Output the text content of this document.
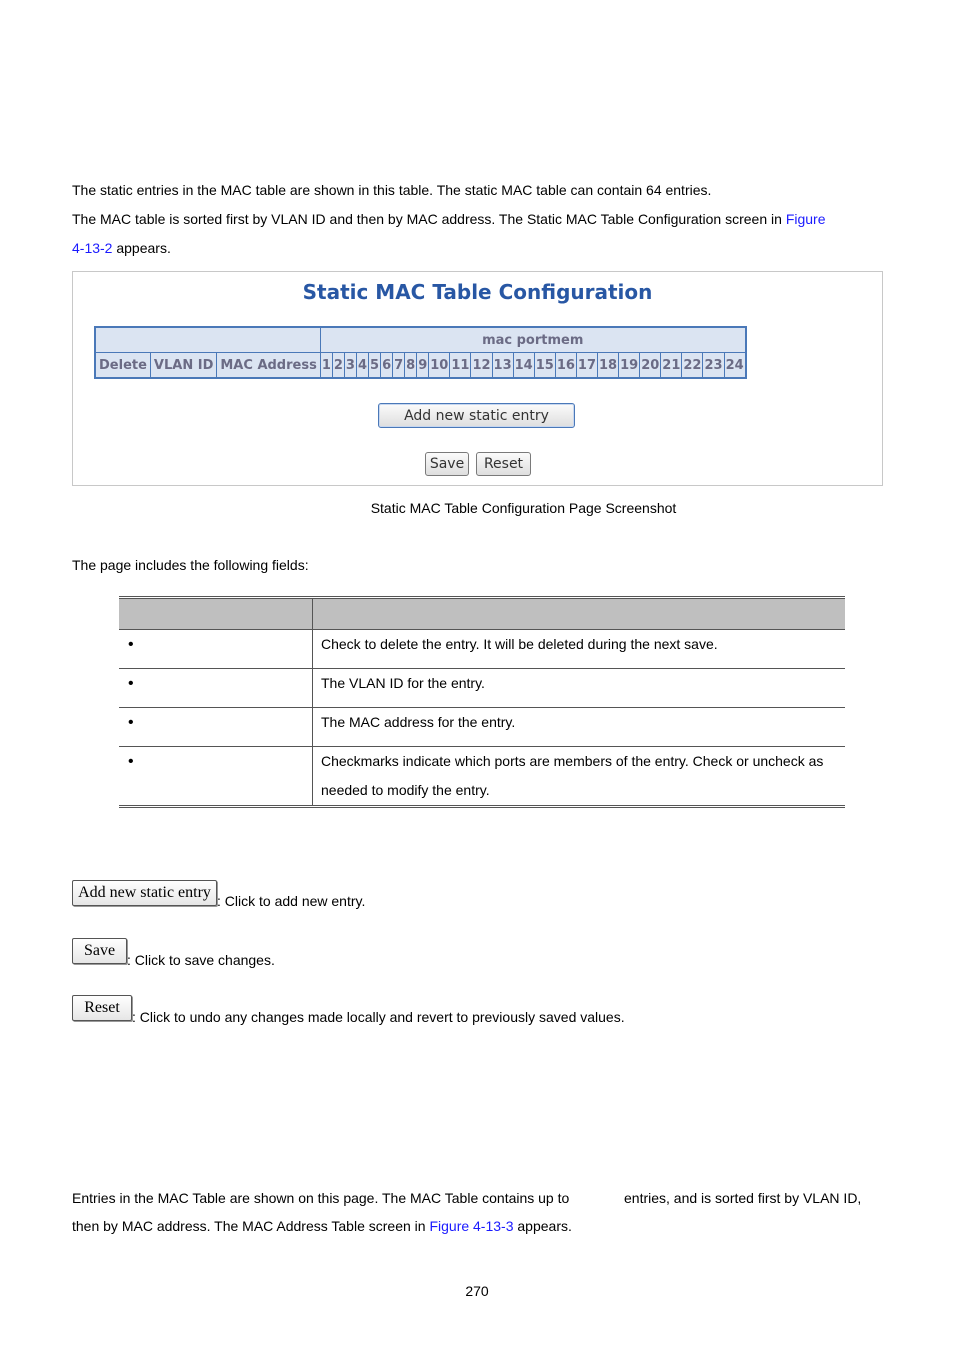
The static entries in the MAC table are shown in this table. The static MAC table can contain 64 entries.
The MAC table is sorted first by VLAN ID and then by MAC address. The Static MAC Table Configuration screen in Figure
4-13-2 appears.
Static MAC Table Configuration
			mac portmem																							
Delete	VLAN ID	MAC Address	1	2	3	4	5	6	7	8	9	10	11	12	13	14	15	16	17	18	19	20	21	22	23	24
Add new static entry
Save	Reset
Static MAC Table Configuration Page Screenshot
The page includes the following fields:

•	Check to delete the entry. It will be deleted during the next save.
•	The VLAN ID for the entry.
•	The MAC address for the entry.
•	Checkmarks indicate which ports are members of the entry. Check or uncheck as
needed to modify the entry.
Add new static entry : Click to add new entry.
Save
: Click to save changes.
Reset
: Click to undo any changes made locally and revert to previously saved values.
Entries in the MAC Table are shown on this page. The MAC Table contains up to	entries, and is sorted first by VLAN ID,
then by MAC address. The MAC Address Table screen in Figure 4-13-3 appears.
270
